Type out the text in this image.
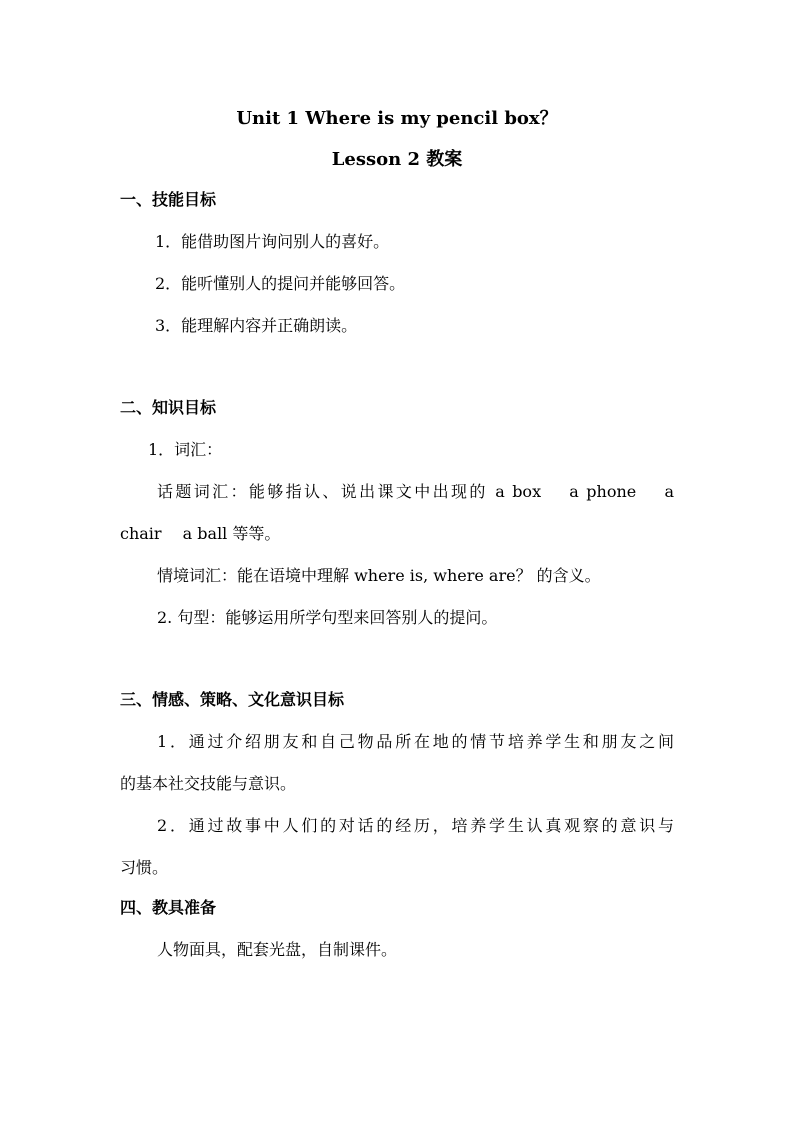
Unit 1 Where is my pencil box？
Lesson 2 教案
一、技能目标
1．能借助图片询问别人的喜好。
2．能听懂别人的提问并能够回答。
3．能理解内容并正确朗读。
二、知识目标
1．词汇：
话题词汇：能够指认、说出课文中出现的 a box　 a phone　 a
chair　 a ball 等等。
情境词汇：能在语境中理解 where is, where are？ 的含义。
2. 句型：能够运用所学句型来回答别人的提问。
三、情感、策略、文化意识目标
1．通过介绍朋友和自己物品所在地的情节培养学生和朋友之间
的基本社交技能与意识。
2．通过故事中人们的对话的经历，培养学生认真观察的意识与
习惯。
四、教具准备
人物面具，配套光盘，自制课件。
